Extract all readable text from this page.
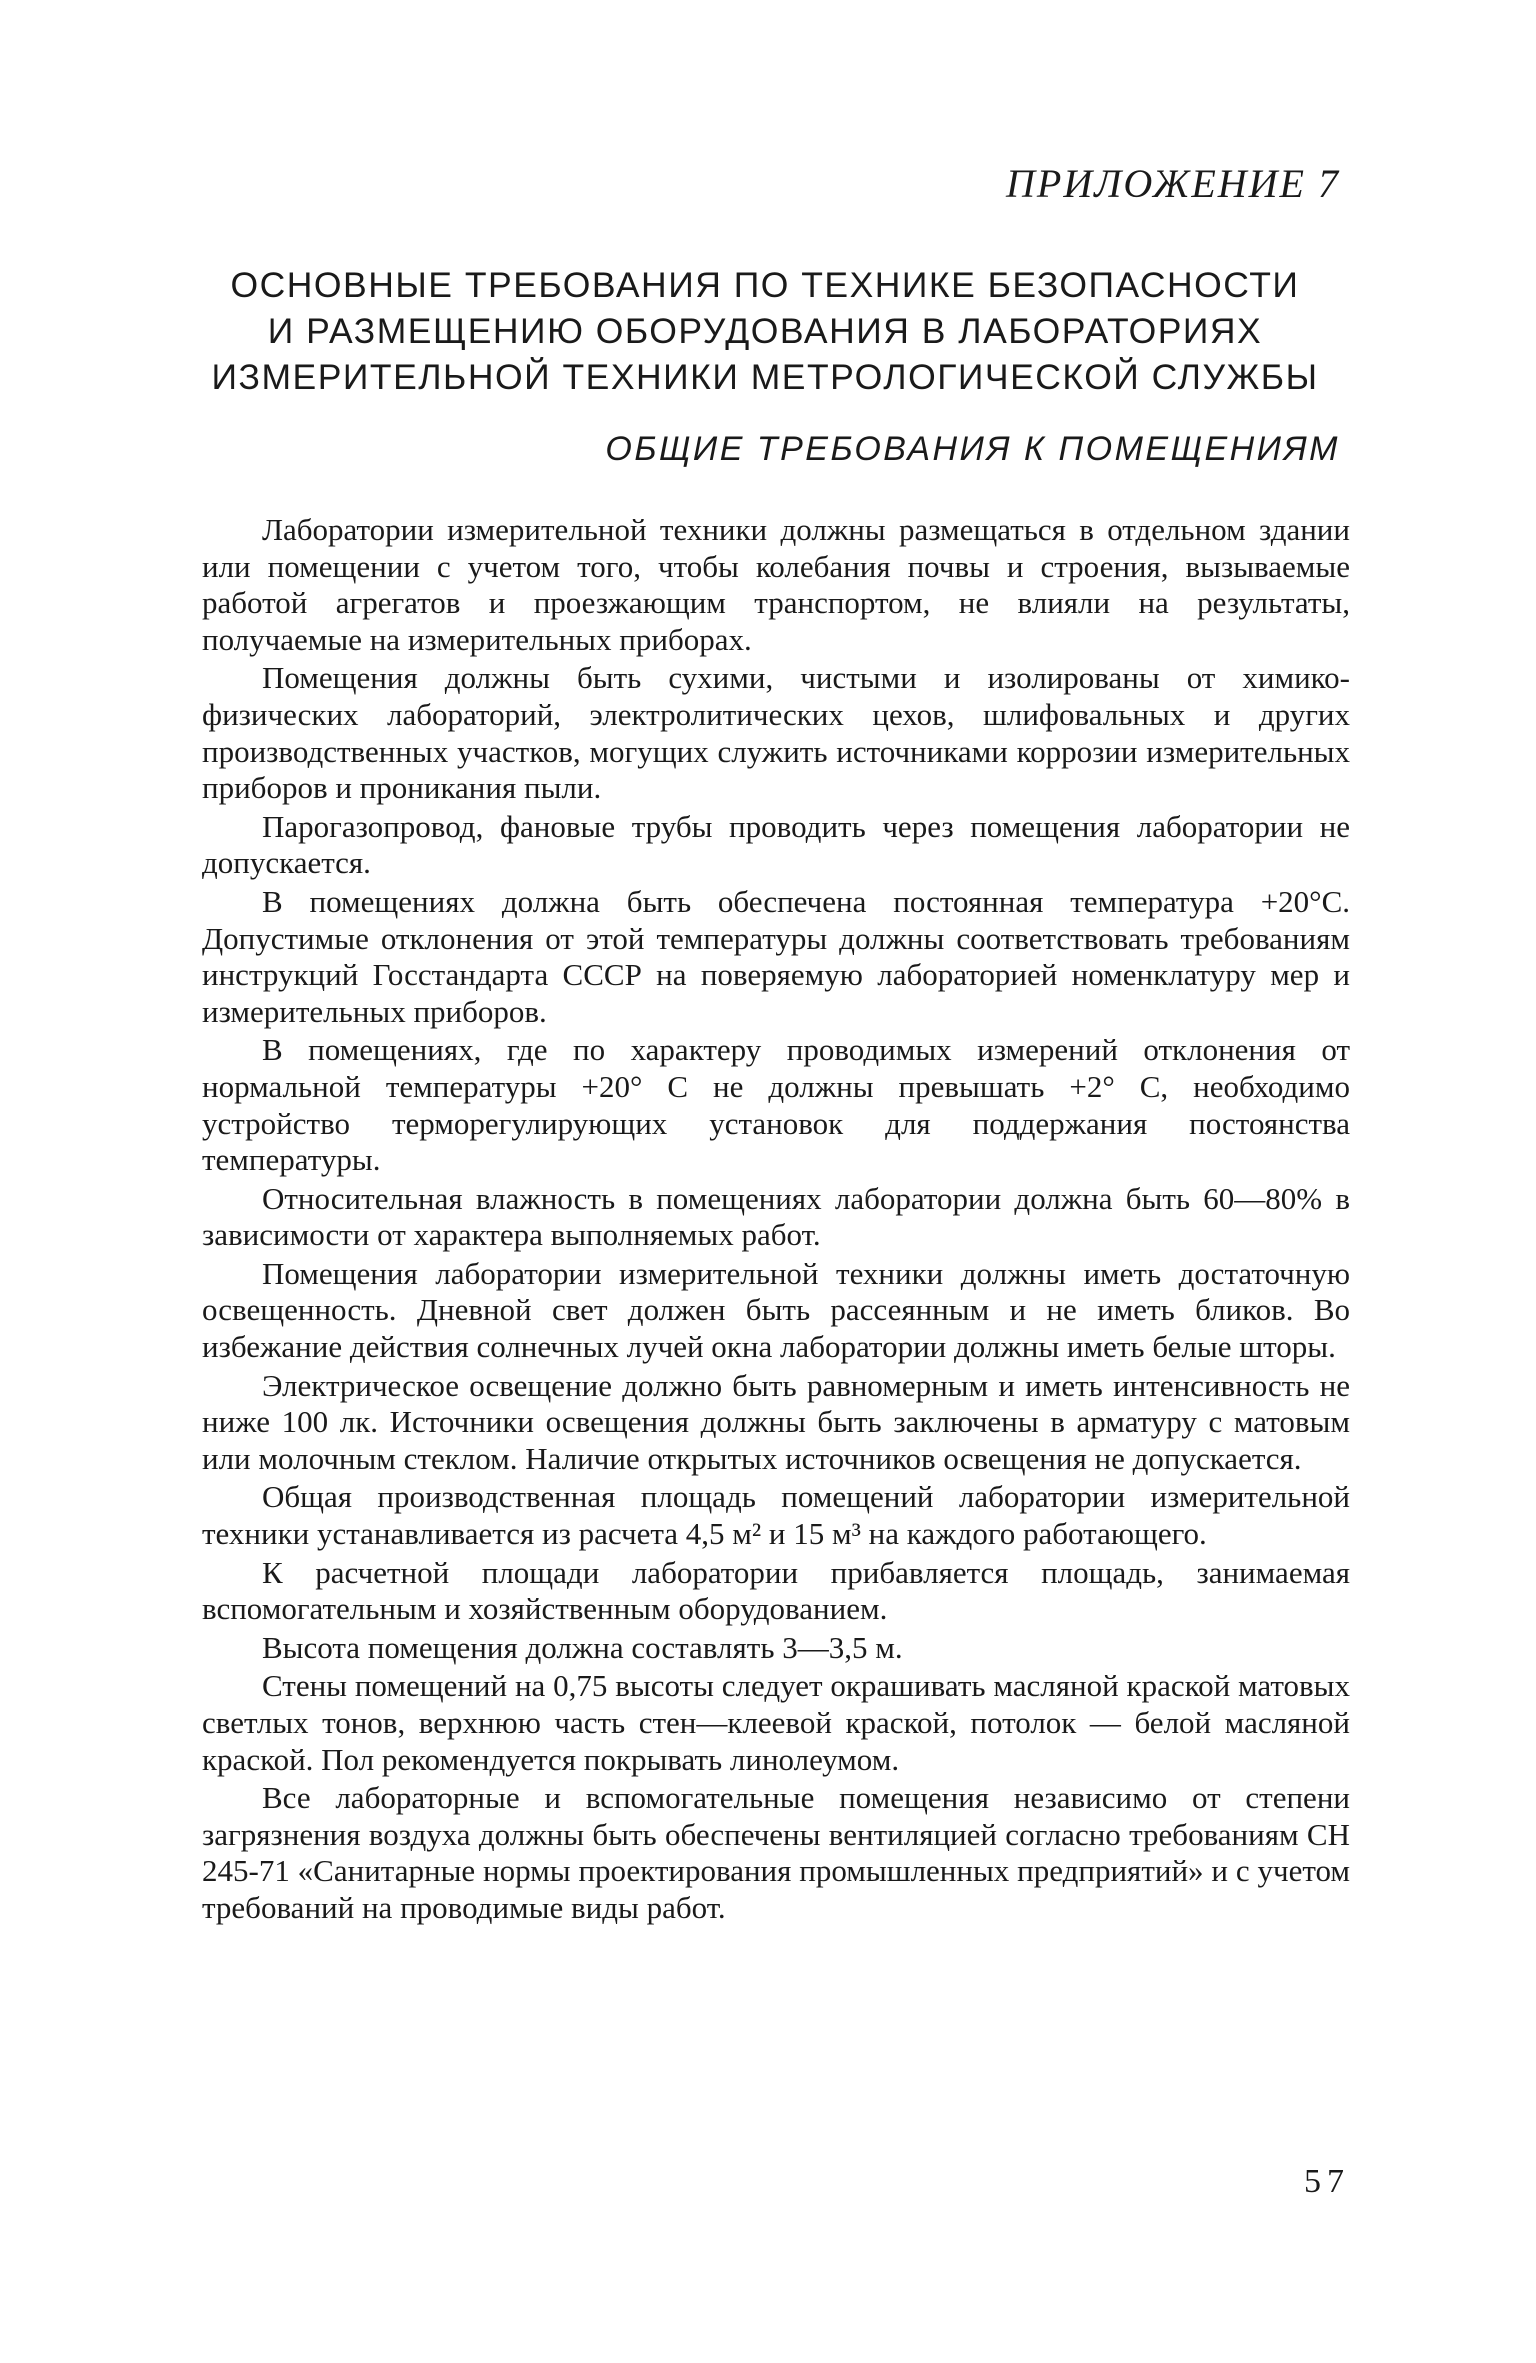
ПРИЛОЖЕНИЕ 7
ОСНОВНЫЕ ТРЕБОВАНИЯ ПО ТЕХНИКЕ БЕЗОПАСНОСТИ
И РАЗМЕЩЕНИЮ ОБОРУДОВАНИЯ В ЛАБОРАТОРИЯХ
ИЗМЕРИТЕЛЬНОЙ ТЕХНИКИ МЕТРОЛОГИЧЕСКОЙ СЛУЖБЫ
ОБЩИЕ ТРЕБОВАНИЯ К ПОМЕЩЕНИЯМ

Лаборатории измерительной техники должны размещаться в отдельном здании или помещении с учетом того, чтобы колебания почвы и строения, вызываемые работой агрегатов и проезжающим транспортом, не влияли на результаты, получаемые на измерительных приборах.

Помещения должны быть сухими, чистыми и изолированы от химико-физических лабораторий, электролитических цехов, шлифовальных и других производственных участков, могущих служить источниками коррозии измерительных приборов и проникания пыли.

Парогазопровод, фановые трубы проводить через помещения лаборатории не допускается.

В помещениях должна быть обеспечена постоянная температура +20°С. Допустимые отклонения от этой температуры должны соответствовать требованиям инструкций Госстандарта СССР на поверяемую лабораторией номенклатуру мер и измерительных приборов.

В помещениях, где по характеру проводимых измерений отклонения от нормальной температуры +20° С не должны превышать +2° С, необходимо устройство терморегулирующих установок для поддержания постоянства температуры.

Относительная влажность в помещениях лаборатории должна быть 60—80% в зависимости от характера выполняемых работ.

Помещения лаборатории измерительной техники должны иметь достаточную освещенность. Дневной свет должен быть рассеянным и не иметь бликов. Во избежание действия солнечных лучей окна лаборатории должны иметь белые шторы.

Электрическое освещение должно быть равномерным и иметь интенсивность не ниже 100 лк. Источники освещения должны быть заключены в арматуру с матовым или молочным стеклом. Наличие открытых источников освещения не допускается.

Общая производственная площадь помещений лаборатории измерительной техники устанавливается из расчета 4,5 м² и 15 м³ на каждого работающего.

К расчетной площади лаборатории прибавляется площадь, занимаемая вспомогательным и хозяйственным оборудованием.

Высота помещения должна составлять 3—3,5 м.

Стены помещений на 0,75 высоты следует окрашивать масляной краской матовых светлых тонов, верхнюю часть стен—клеевой краской, потолок — белой масляной краской. Пол рекомендуется покрывать линолеумом.

Все лабораторные и вспомогательные помещения независимо от степени загрязнения воздуха должны быть обеспечены вентиляцией согласно требованиям СН 245-71 «Санитарные нормы проектирования промышленных предприятий» и с учетом требований на проводимые виды работ.

57
